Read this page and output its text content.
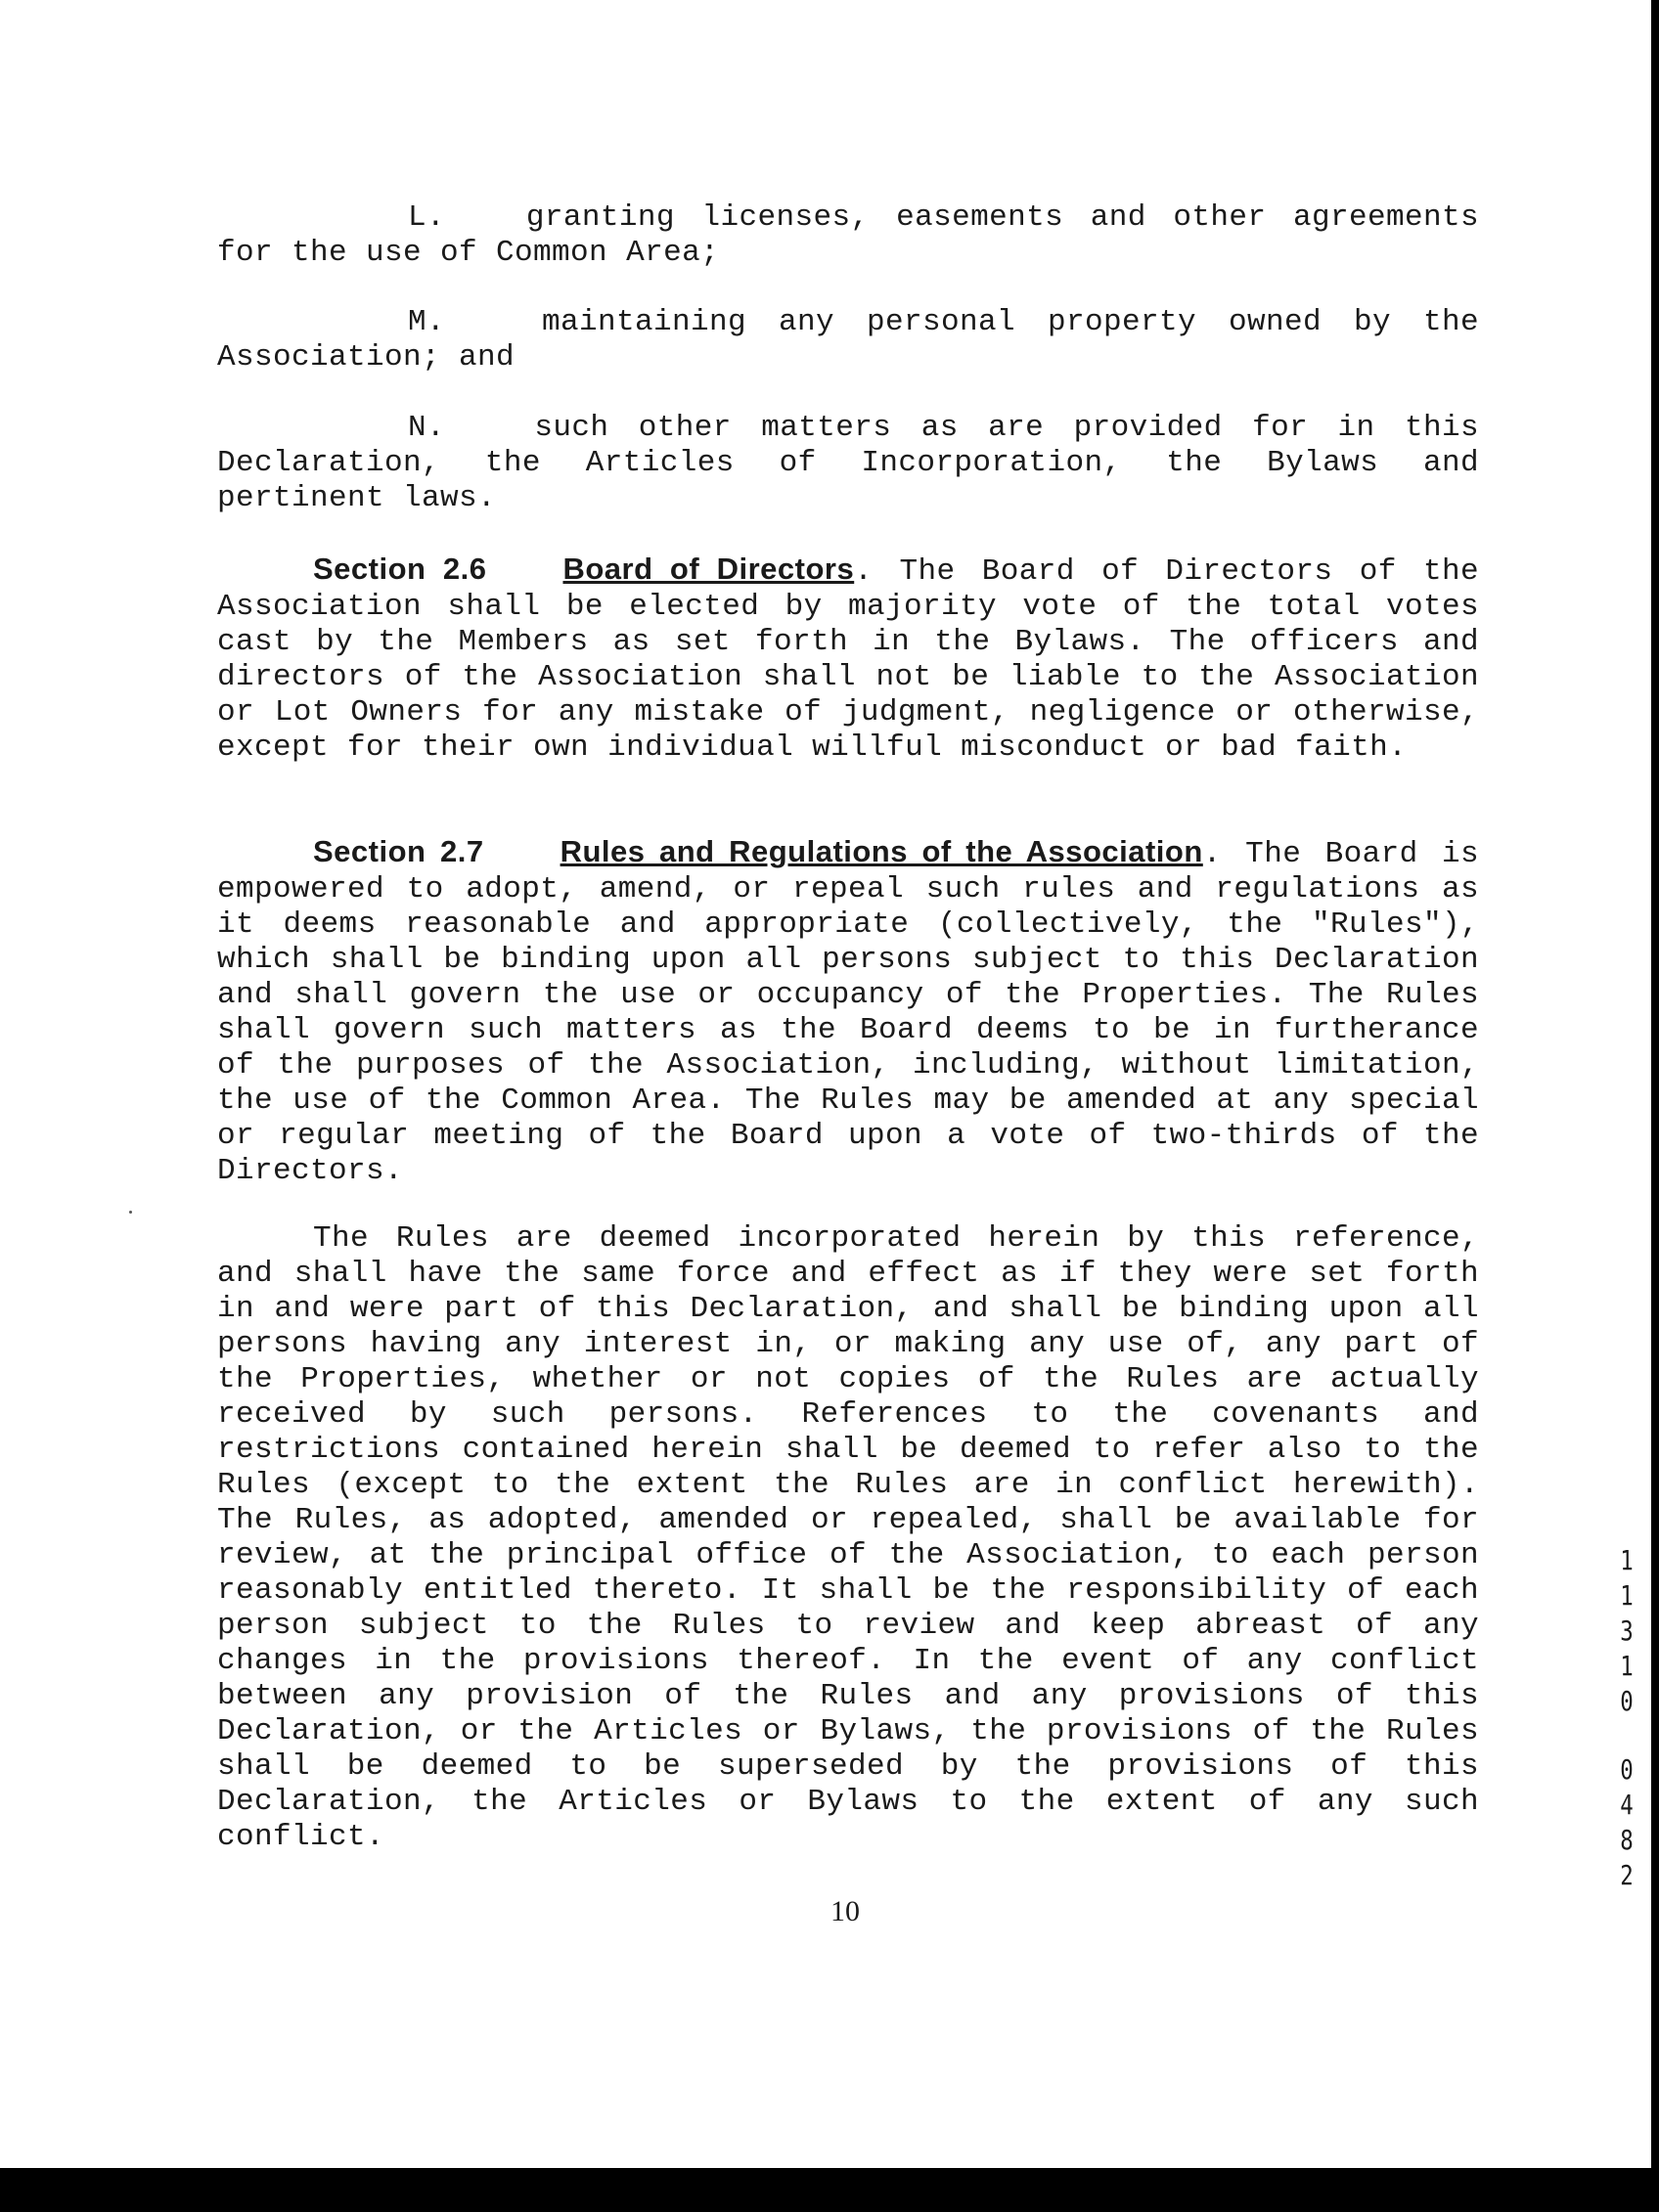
L.	granting licenses, easements and other agreements for the use of Common Area;

M.	maintaining any personal property owned by the Association; and

N.	such other matters as are provided for in this Declaration, the Articles of Incorporation, the Bylaws and pertinent laws.

Section 2.6	Board of Directors. The Board of Directors of the Association shall be elected by majority vote of the total votes cast by the Members as set forth in the Bylaws. The officers and directors of the Association shall not be liable to the Association or Lot Owners for any mistake of judgment, negligence or otherwise, except for their own individual willful misconduct or bad faith.

Section 2.7	Rules and Regulations of the Association. The Board is empowered to adopt, amend, or repeal such rules and regulations as it deems reasonable and appropriate (collectively, the "Rules"), which shall be binding upon all persons subject to this Declaration and shall govern the use or occupancy of the Properties. The Rules shall govern such matters as the Board deems to be in furtherance of the purposes of the Association, including, without limitation, the use of the Common Area. The Rules may be amended at any special or regular meeting of the Board upon a vote of two-thirds of the Directors.

The Rules are deemed incorporated herein by this reference, and shall have the same force and effect as if they were set forth in and were part of this Declaration, and shall be binding upon all persons having any interest in, or making any use of, any part of the Properties, whether or not copies of the Rules are actually received by such persons. References to the covenants and restrictions contained herein shall be deemed to refer also to the Rules (except to the extent the Rules are in conflict herewith). The Rules, as adopted, amended or repealed, shall be available for review, at the principal office of the Association, to each person reasonably entitled thereto. It shall be the responsibility of each person subject to the Rules to review and keep abreast of any changes in the provisions thereof. In the event of any conflict between any provision of the Rules and any provisions of this Declaration, or the Articles or Bylaws, the provisions of the Rules shall be deemed to be superseded by the provisions of this Declaration, the Articles or Bylaws to the extent of any such conflict.

10
1
1
3
1
0
0
4
8
2
